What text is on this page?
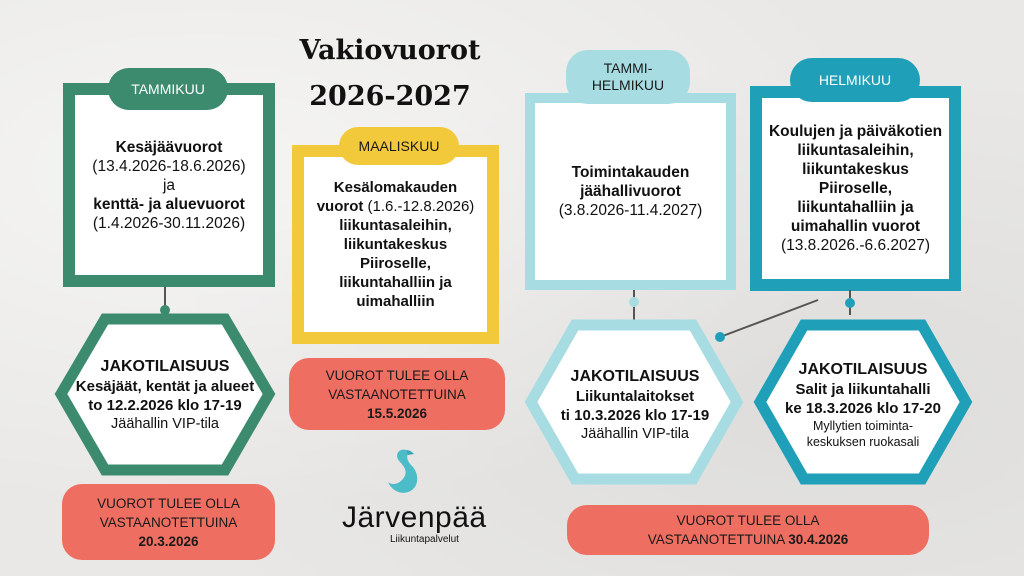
Vakiovuorot
2026-2027
Kesäjäävuorot
(13.4.2026-18.6.2026)
ja
kenttä- ja aluevuorot
(1.4.2026-30.11.2026)
TAMMIKUU
JAKOTILAISUUS
Kesäjäät, kentät ja alueet
to 12.2.2026 klo 17-19
Jäähallin VIP-tila
VUOROT TULEE OLLA
VASTAANOTETTUINA
20.3.2026
Kesälomakauden
vuorot (1.6.-12.8.2026)
liikuntasaleihin,
liikuntakeskus
Piiroselle,
liikuntahalliin ja
uimahalliin
MAALISKUU
VUOROT TULEE OLLA
VASTAANOTETTUINA
15.5.2026
Järvenpää
Liikuntapalvelut
Toimintakauden
jäähallivuorot
(3.8.2026-11.4.2027)
TAMMI-
HELMIKUU
JAKOTILAISUUS
Liikuntalaitokset
ti 10.3.2026 klo 17-19
Jäähallin VIP-tila
Koulujen ja päiväkotien
liikuntasaleihin,
liikuntakeskus
Piiroselle,
liikuntahalliin ja
uimahallin vuorot
(13.8.2026.-6.6.2027)
HELMIKUU
JAKOTILAISUUS
Salit ja liikuntahalli
ke 18.3.2026 klo 17-20
Myllytien toiminta-
keskuksen ruokasali
VUOROT TULEE OLLA
VASTAANOTETTUINA 30.4.2026
